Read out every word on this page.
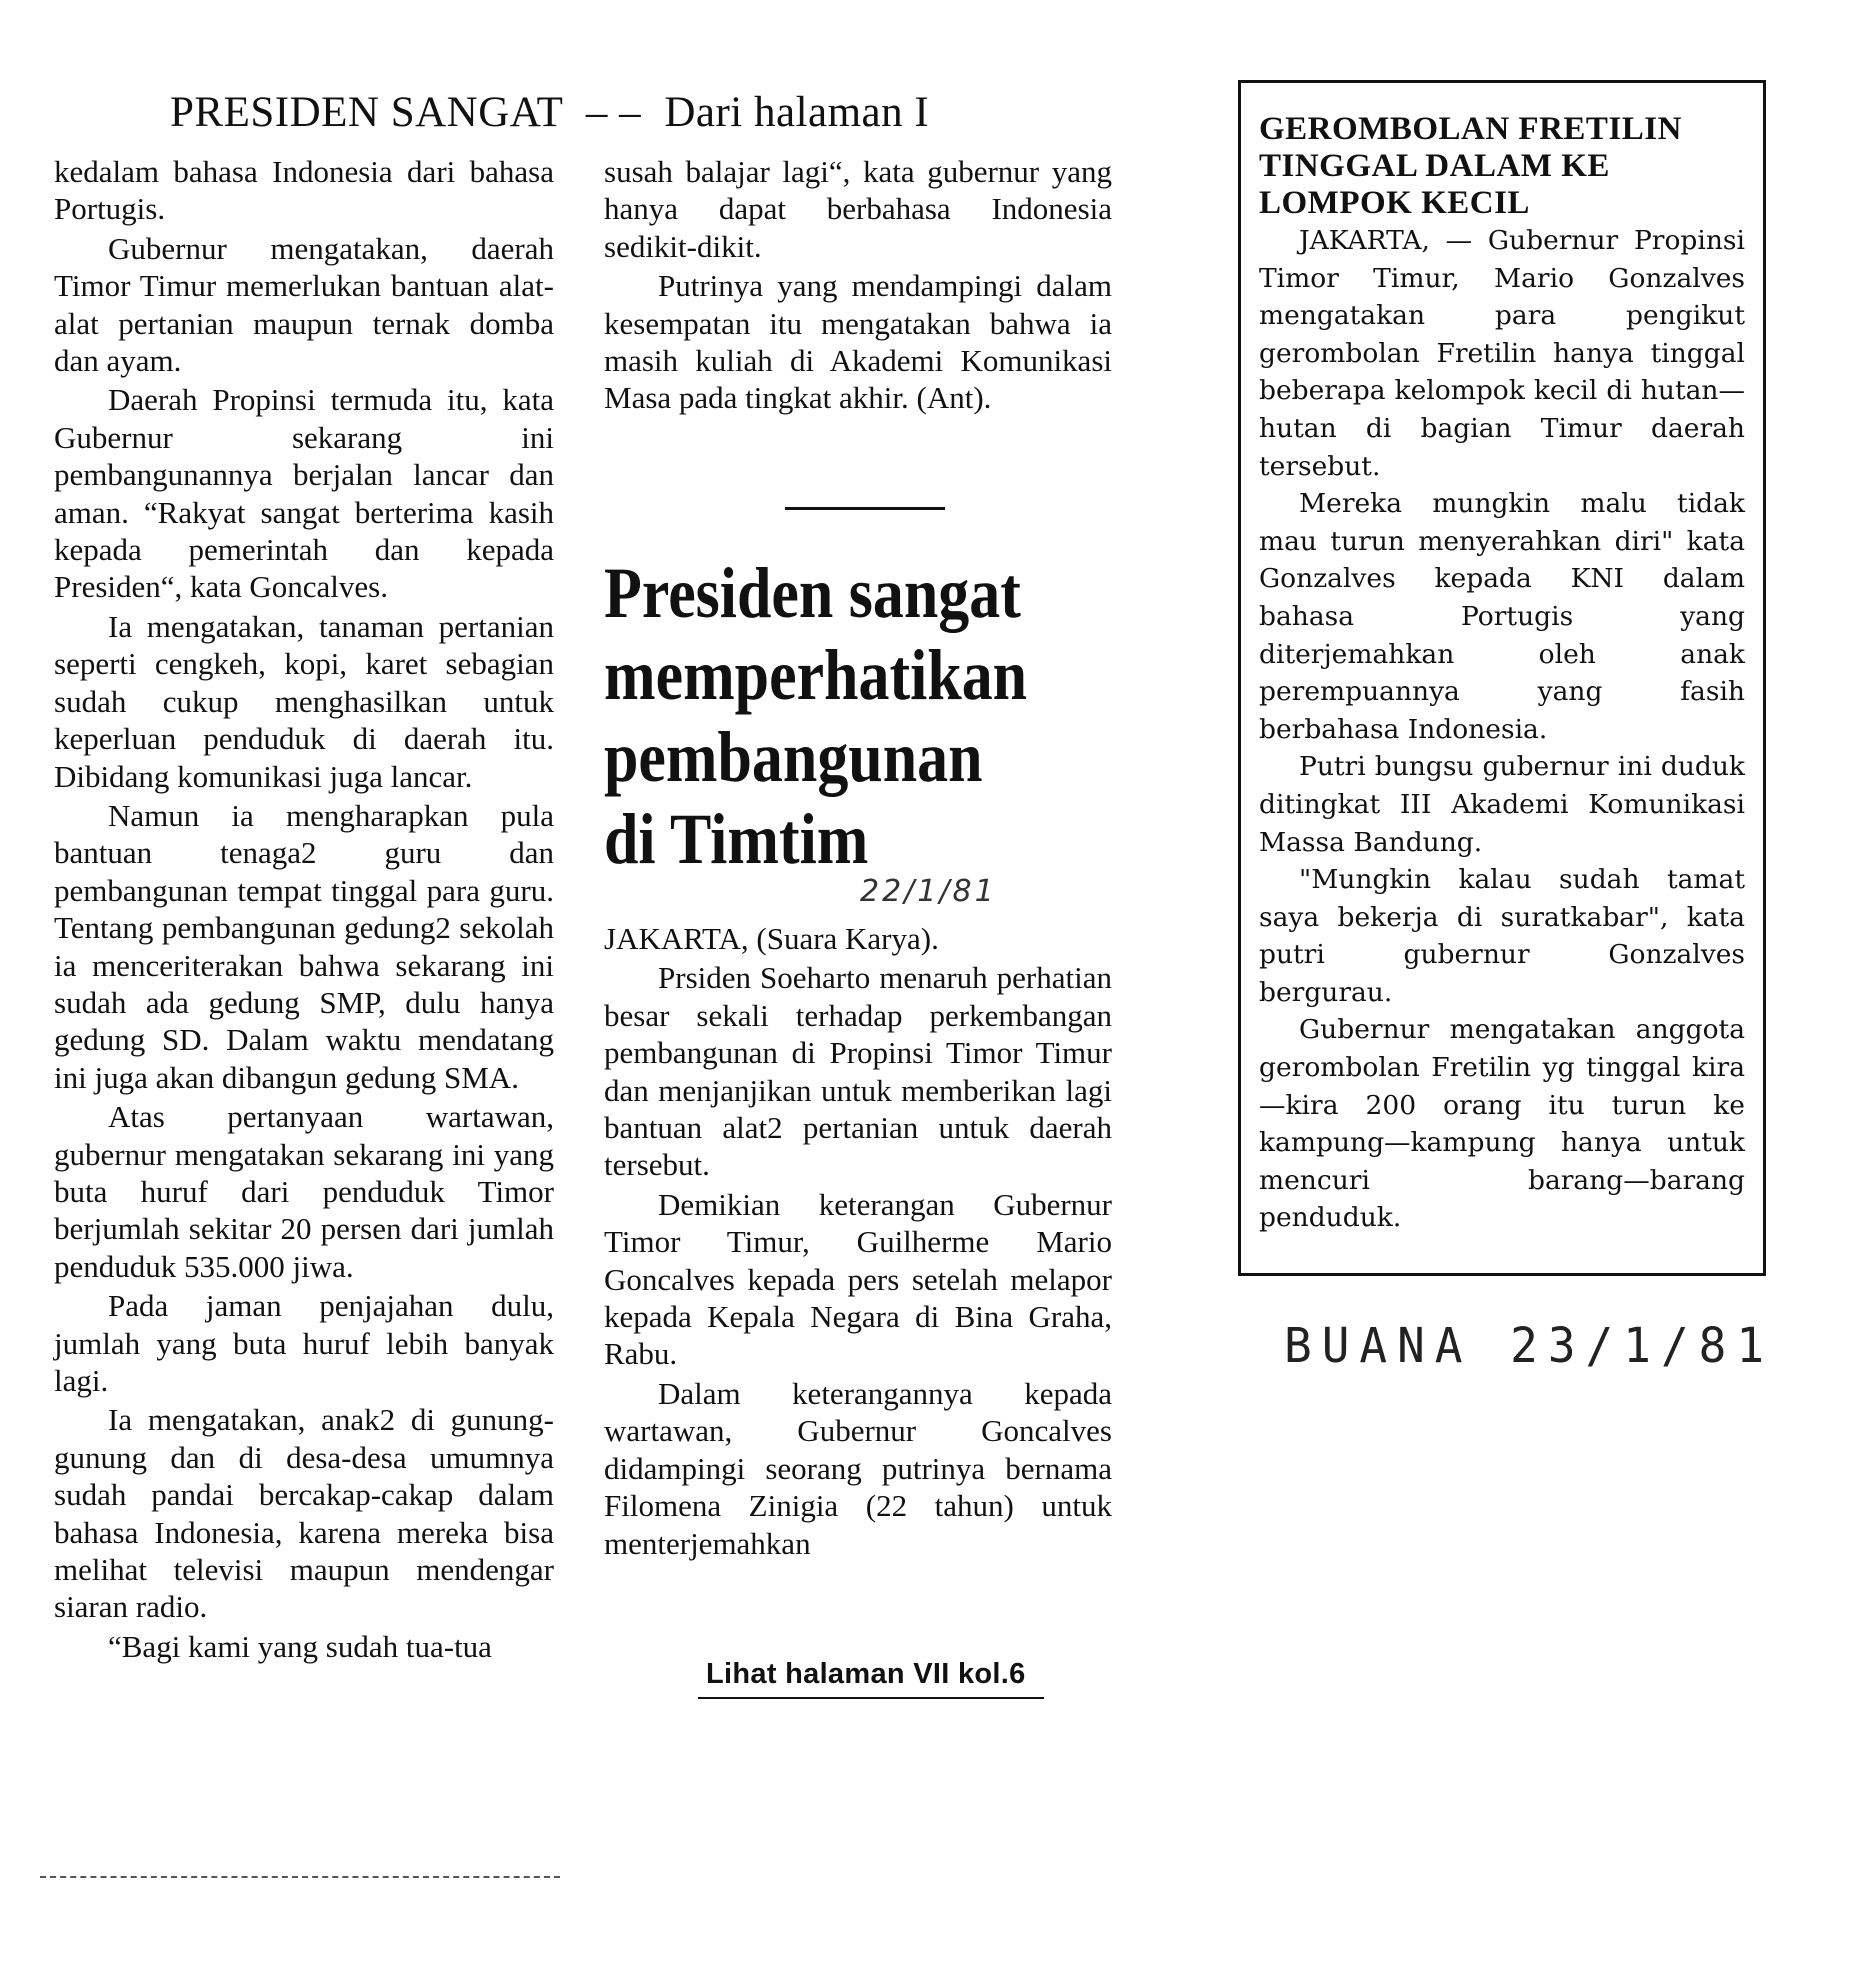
PRESIDEN SANGAT – – Dari halaman I

kedalam bahasa Indonesia dari bahasa Portugis.

Gubernur mengatakan, daerah Timor Timur memerlukan bantuan alat-alat pertanian maupun ternak domba dan ayam.

Daerah Propinsi termuda itu, kata Gubernur sekarang ini pembangunannya berjalan lancar dan aman. “Rakyat sangat berterima kasih kepada pemerintah dan kepada Presiden“, kata Goncalves.

Ia mengatakan, tanaman pertanian seperti cengkeh, kopi, karet sebagian sudah cukup menghasilkan untuk keperluan penduduk di daerah itu. Dibidang komunikasi juga lancar.

Namun ia mengharapkan pula bantuan tenaga2 guru dan pembangunan tempat tinggal para guru. Tentang pembangunan gedung2 sekolah ia menceriterakan bahwa sekarang ini sudah ada gedung SMP, dulu hanya gedung SD. Dalam waktu mendatang ini juga akan dibangun gedung SMA.

Atas pertanyaan wartawan, gubernur mengatakan sekarang ini yang buta huruf dari penduduk Timor berjumlah sekitar 20 persen dari jumlah penduduk 535.000 jiwa.

Pada jaman penjajahan dulu, jumlah yang buta huruf lebih banyak lagi.

Ia mengatakan, anak2 di gunung-gunung dan di desa-desa umumnya sudah pandai bercakap-cakap dalam bahasa Indonesia, karena mereka bisa melihat televisi maupun mendengar siaran radio.

“Bagi kami yang sudah tua-tua

susah balajar lagi“, kata gubernur yang hanya dapat berbahasa Indonesia sedikit-dikit.

Putrinya yang mendampingi dalam kesempatan itu mengatakan bahwa ia masih kuliah di Akademi Komunikasi Masa pada tingkat akhir. (Ant).

Presiden sangat
memperhatikan
pembangunan
di Timtim
22/1/81

JAKARTA, (Suara Karya).

Prsiden Soeharto menaruh perhatian besar sekali terhadap perkembangan pembangunan di Propinsi Timor Timur dan menjanjikan untuk memberikan lagi bantuan alat2 pertanian untuk daerah tersebut.

Demikian keterangan Gubernur Timor Timur, Guilherme Mario Goncalves kepada pers setelah melapor kepada Kepala Negara di Bina Graha, Rabu.

Dalam keterangannya kepada wartawan, Gubernur Goncalves didampingi seorang putrinya bernama Filomena Zinigia (22 tahun) untuk menterjemahkan

Lihat halaman VII kol.6
GEROMBOLAN FRETILIN TINGGAL DALAM KE LOMPOK KECIL

JAKARTA, — Gubernur Propinsi Timor Timur, Mario Gonzalves mengatakan para pengikut gerombolan Fretilin hanya tinggal beberapa kelompok kecil di hutan—hutan di bagian Timur daerah tersebut.

Mereka mungkin malu tidak mau turun menyerahkan diri" kata Gonzalves kepada KNI dalam bahasa Portugis yang diterjemahkan oleh anak perempuannya yang fasih berbahasa Indonesia.

Putri bungsu gubernur ini duduk ditingkat III Akademi Komunikasi Massa Bandung.

"Mungkin kalau sudah tamat saya bekerja di suratkabar", kata putri gubernur Gonzalves bergurau.

Gubernur mengatakan anggota gerombolan Fretilin yg tinggal kira—kira 200 orang itu turun ke kampung—kampung hanya untuk mencuri barang—barang penduduk.

BUANA 23/1/81
